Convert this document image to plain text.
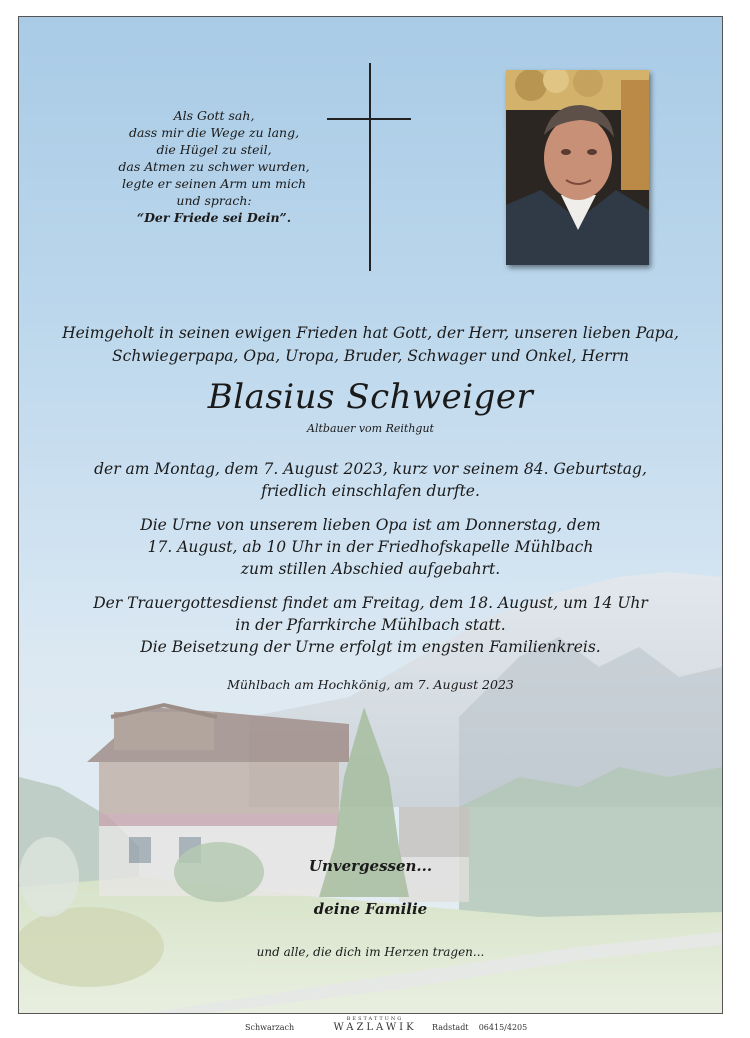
Als Gott sah,
dass mir die Wege zu lang,
die Hügel zu steil,
das Atmen zu schwer wurden,
legte er seinen Arm um mich
und sprach:
“Der Friede sei Dein”.
Heimgeholt in seinen ewigen Frieden hat Gott, der Herr, unseren lieben Papa,
Schwiegerpapa, Opa, Uropa, Bruder, Schwager und Onkel, Herrn
Blasius Schweiger
Altbauer vom Reithgut
der am Montag, dem 7. August 2023, kurz vor seinem 84. Geburtstag,
friedlich einschlafen durfte.
Die Urne von unserem lieben Opa ist am Donnerstag, dem
17. August, ab 10 Uhr in der Friedhofskapelle Mühlbach
zum stillen Abschied aufgebahrt.
Der Trauergottesdienst findet am Freitag, dem 18. August, um 14 Uhr
in der Pfarrkirche Mühlbach statt.
Die Beisetzung der Urne erfolgt im engsten Familienkreis.
Mühlbach am Hochkönig, am 7. August 2023
Unvergessen...
deine Familie
und alle, die dich im Herzen tragen...
Schwarzach
BESTATTUNG
WAZLAWIK	Radstadt 06415/4205
